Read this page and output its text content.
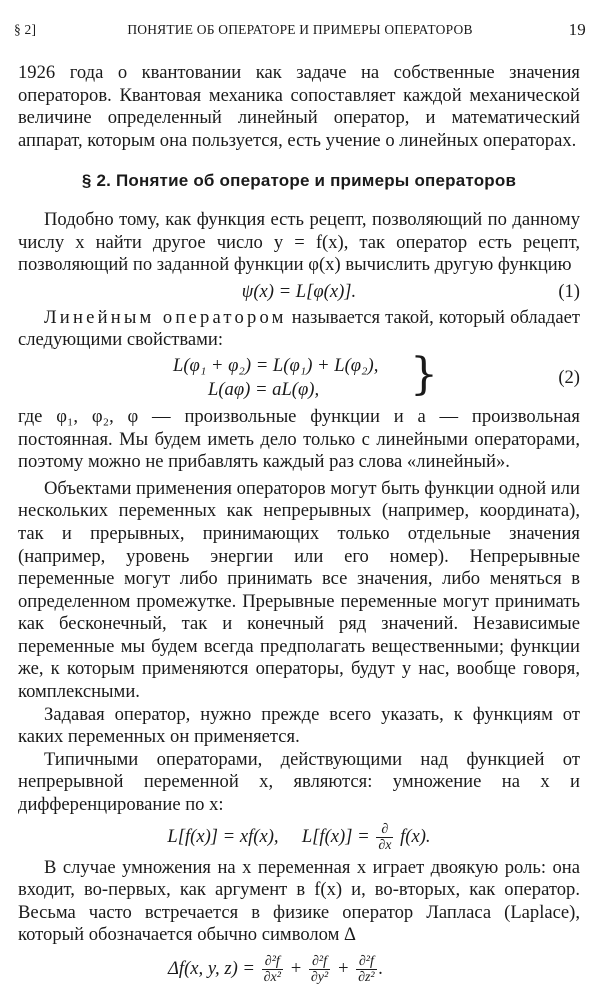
§ 2]	ПОНЯТИЕ ОБ ОПЕРАТОРЕ И ПРИМЕРЫ ОПЕРАТОРОВ	19

1926 года о квантовании как задаче на собственные значения операторов. Квантовая механика сопоставляет каждой механической величине определенный линейный оператор, и математический аппарат, которым она пользуется, есть учение о линейных операторах.

§ 2. Понятие об операторе и примеры операторов

Подобно тому, как функция есть рецепт, позволяющий по данному числу x найти другое число y = f(x), так оператор есть рецепт, позволяющий по заданной функции φ(x) вычислить другую функцию

ψ(x) = L[φ(x)].	(1)

Линейным оператором называется такой, который обладает следующими свойствами:

L(φ₁ + φ₂) = L(φ₁) + L(φ₂),
L(aφ) = aL(φ), }	(2)

где φ₁, φ₂, φ — произвольные функции и a — произвольная постоянная. Мы будем иметь дело только с линейными операторами, поэтому можно не прибавлять каждый раз слова «линейный».

Объектами применения операторов могут быть функции одной или нескольких переменных как непрерывных (например, координата), так и прерывных, принимающих только отдельные значения (например, уровень энергии или его номер). Непрерывные переменные могут либо принимать все значения, либо меняться в определенном промежутке. Прерывные переменные могут принимать как бесконечный, так и конечный ряд значений. Независимые переменные мы будем всегда предполагать вещественными; функции же, к которым применяются операторы, будут у нас, вообще говоря, комплексными.

Задавая оператор, нужно прежде всего указать, к функциям от каких переменных он применяется.

Типичными операторами, действующими над функцией от непрерывной переменной x, являются: умножение на x и дифференцирование по x:

L[f(x)] = xf(x), $L[f(x)] = \frac{\partial}{\partial x} f(x)$.

В случае умножения на x переменная x играет двоякую роль: она входит, во-первых, как аргумент в f(x) и, во-вторых, как оператор. Весьма часто встречается в физике оператор Лапласа (Laplace), который обозначается обычно символом Δ

Δf(x, y, $z) = \frac{\text{∂²f}}{\text{∂x²}} + \frac{\text{∂²f}}{\text{∂y²}} + \frac{\text{∂²f}}{\text{∂z²}}$ .
